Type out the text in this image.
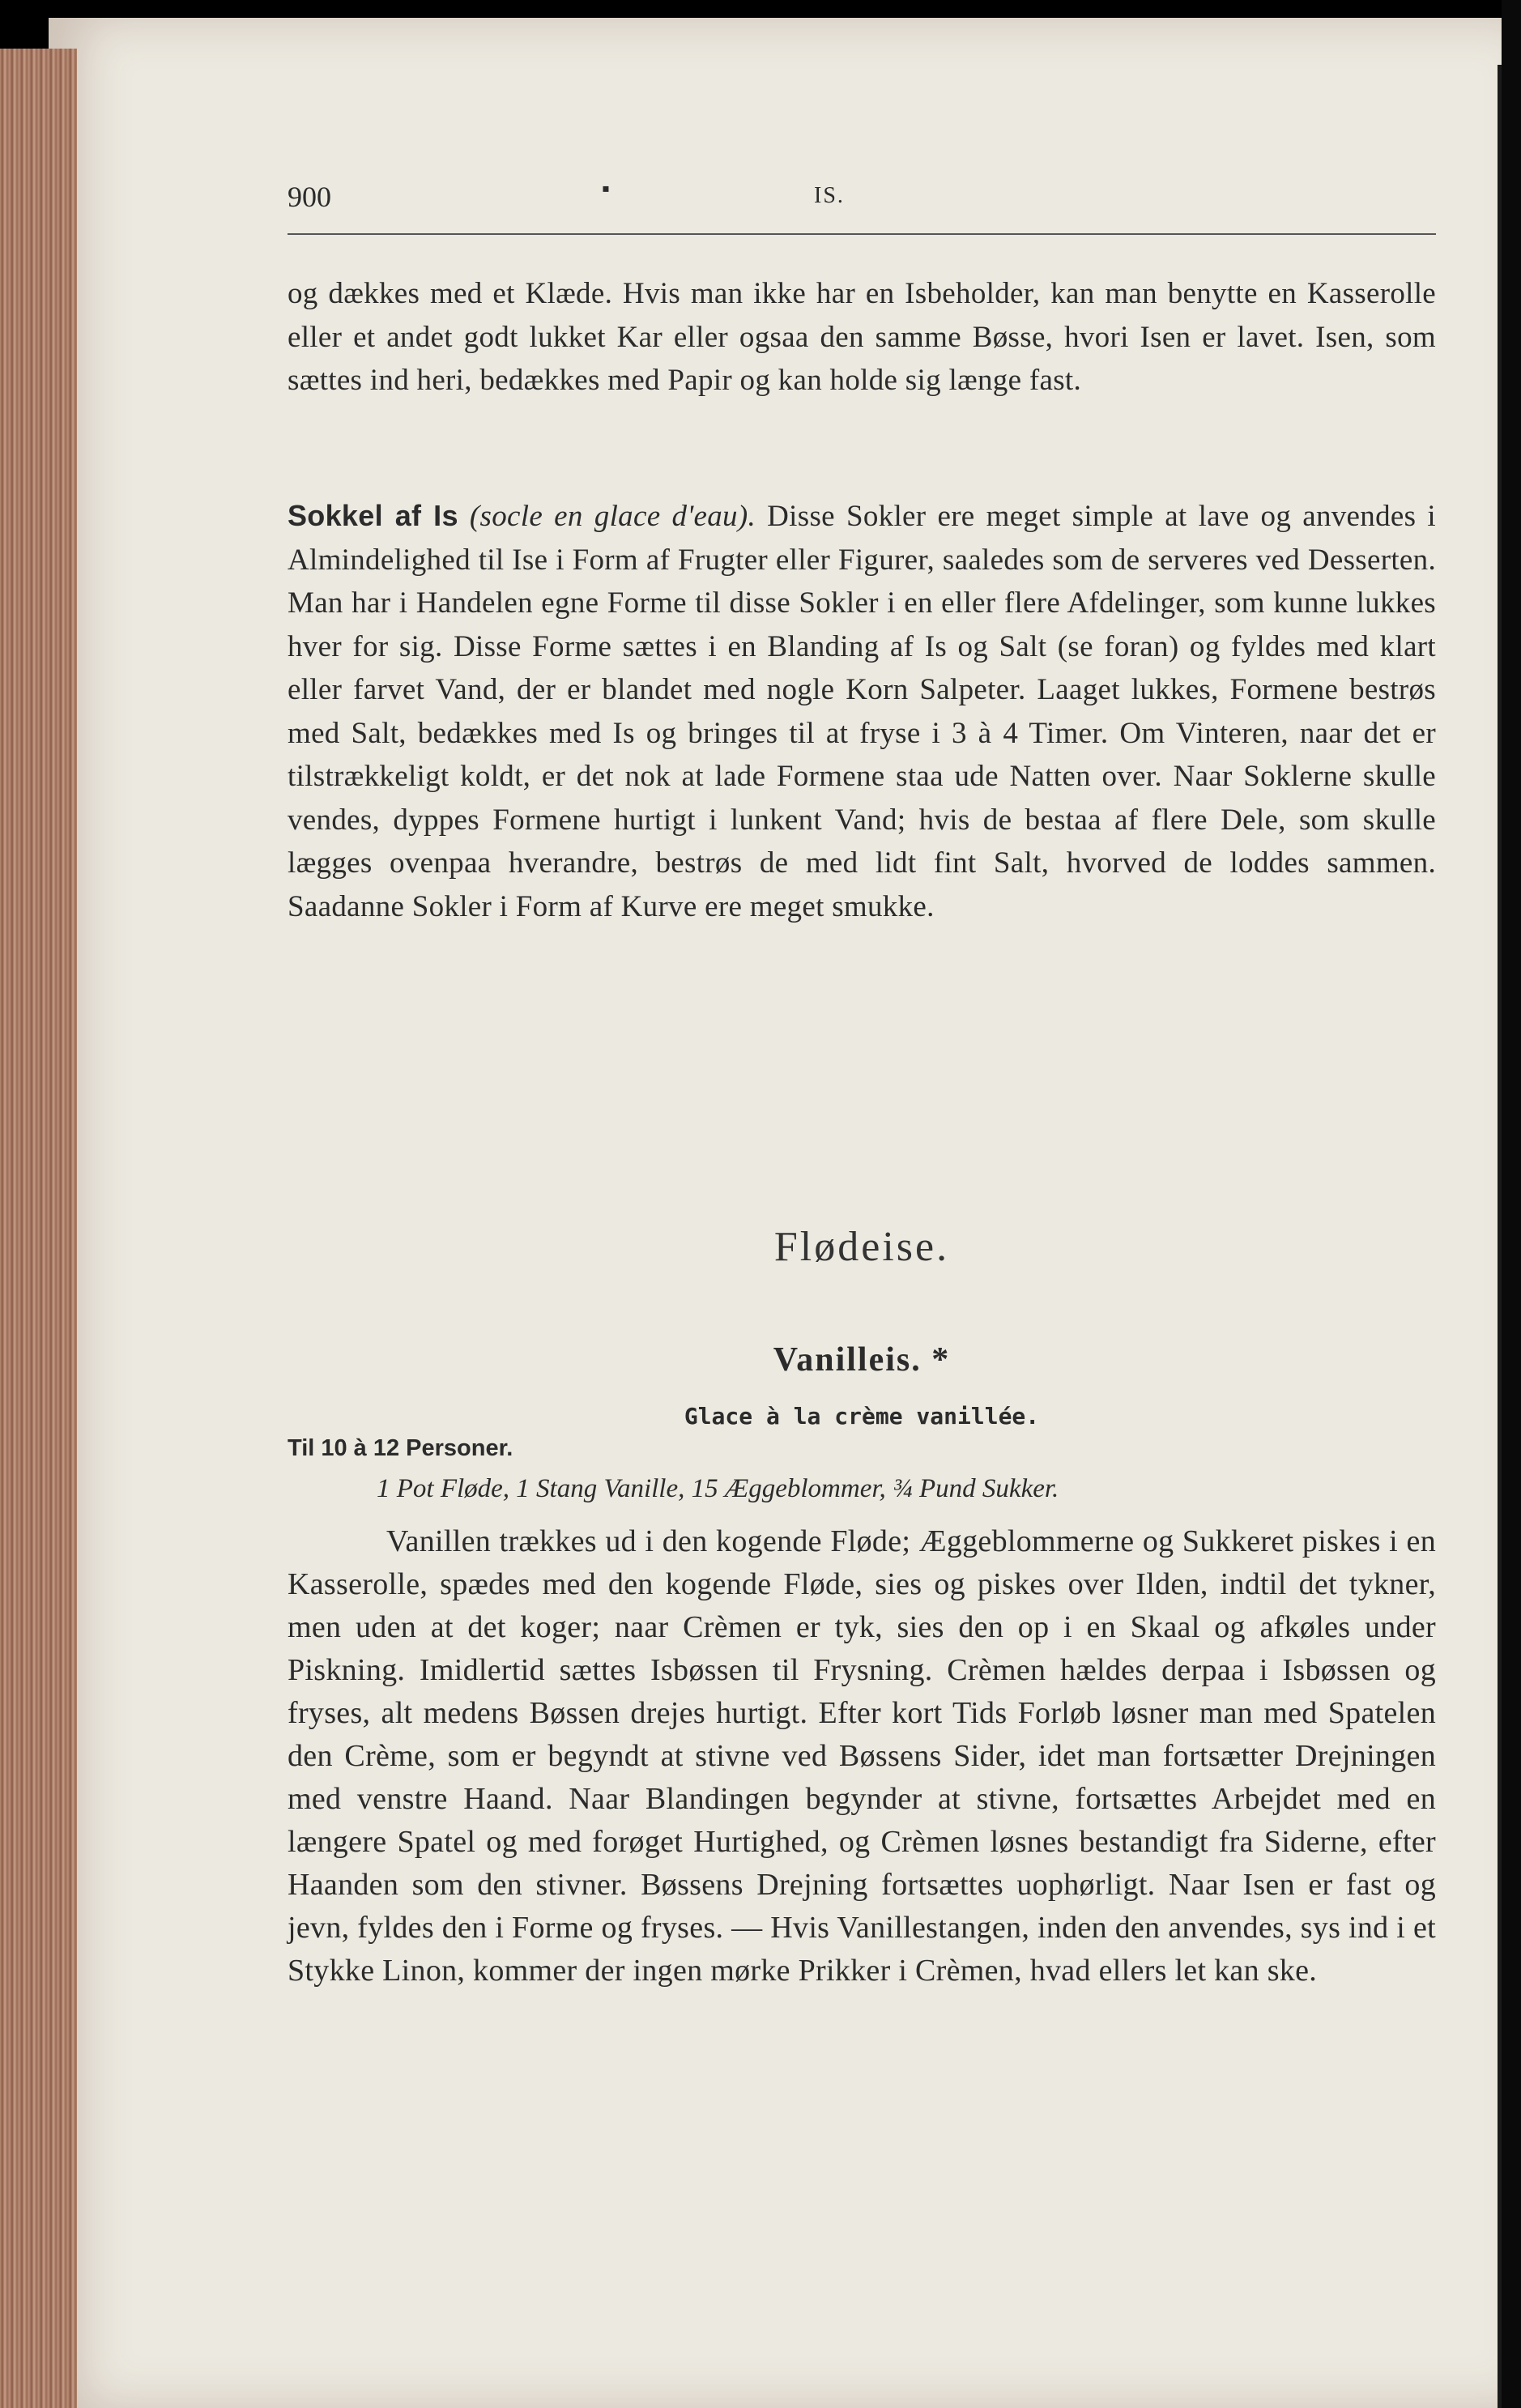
900	▪	IS.
og dækkes med et Klæde. Hvis man ikke har en Isbeholder, kan man benytte en Kasserolle eller et andet godt lukket Kar eller ogsaa den samme Bøsse, hvori Isen er lavet. Isen, som sættes ind heri, bedækkes med Papir og kan holde sig længe fast.
Sokkel af Is (socle en glace d'eau). Disse Sokler ere meget simple at lave og anvendes i Almindelighed til Ise i Form af Frugter eller Figurer, saaledes som de serveres ved Desserten. Man har i Handelen egne Forme til disse Sokler i en eller flere Afdelinger, som kunne lukkes hver for sig. Disse Forme sættes i en Blanding af Is og Salt (se foran) og fyldes med klart eller farvet Vand, der er blandet med nogle Korn Salpeter. Laaget lukkes, Formene bestrøs med Salt, bedækkes med Is og bringes til at fryse i 3 à 4 Timer. Om Vinteren, naar det er tilstrækkeligt koldt, er det nok at lade Formene staa ude Natten over. Naar Soklerne skulle vendes, dyppes Formene hurtigt i lunkent Vand; hvis de bestaa af flere Dele, som skulle lægges ovenpaa hverandre, bestrøs de med lidt fint Salt, hvorved de loddes sammen. Saadanne Sokler i Form af Kurve ere meget smukke.
Flødeise.
Vanilleis. *
Glace à la crème vanillée.
Til 10 à 12 Personer.
1 Pot Fløde, 1 Stang Vanille, 15 Æggeblommer, ¾ Pund Sukker.
Vanillen trækkes ud i den kogende Fløde; Æggeblommerne og Sukkeret piskes i en Kasserolle, spædes med den kogende Fløde, sies og piskes over Ilden, indtil det tykner, men uden at det koger; naar Crèmen er tyk, sies den op i en Skaal og afkøles under Piskning. Imidlertid sættes Isbøssen til Frysning. Crèmen hældes derpaa i Isbøssen og fryses, alt medens Bøssen drejes hurtigt. Efter kort Tids Forløb løsner man med Spatelen den Crème, som er begyndt at stivne ved Bøssens Sider, idet man fortsætter Drejningen med venstre Haand. Naar Blandingen begynder at stivne, fortsættes Arbejdet med en længere Spatel og med forøget Hurtighed, og Crèmen løsnes bestandigt fra Siderne, efter Haanden som den stivner. Bøssens Drejning fortsættes uophørligt. Naar Isen er fast og jevn, fyldes den i Forme og fryses. — Hvis Vanillestangen, inden den anvendes, sys ind i et Stykke Linon, kommer der ingen mørke Prikker i Crèmen, hvad ellers let kan ske.
